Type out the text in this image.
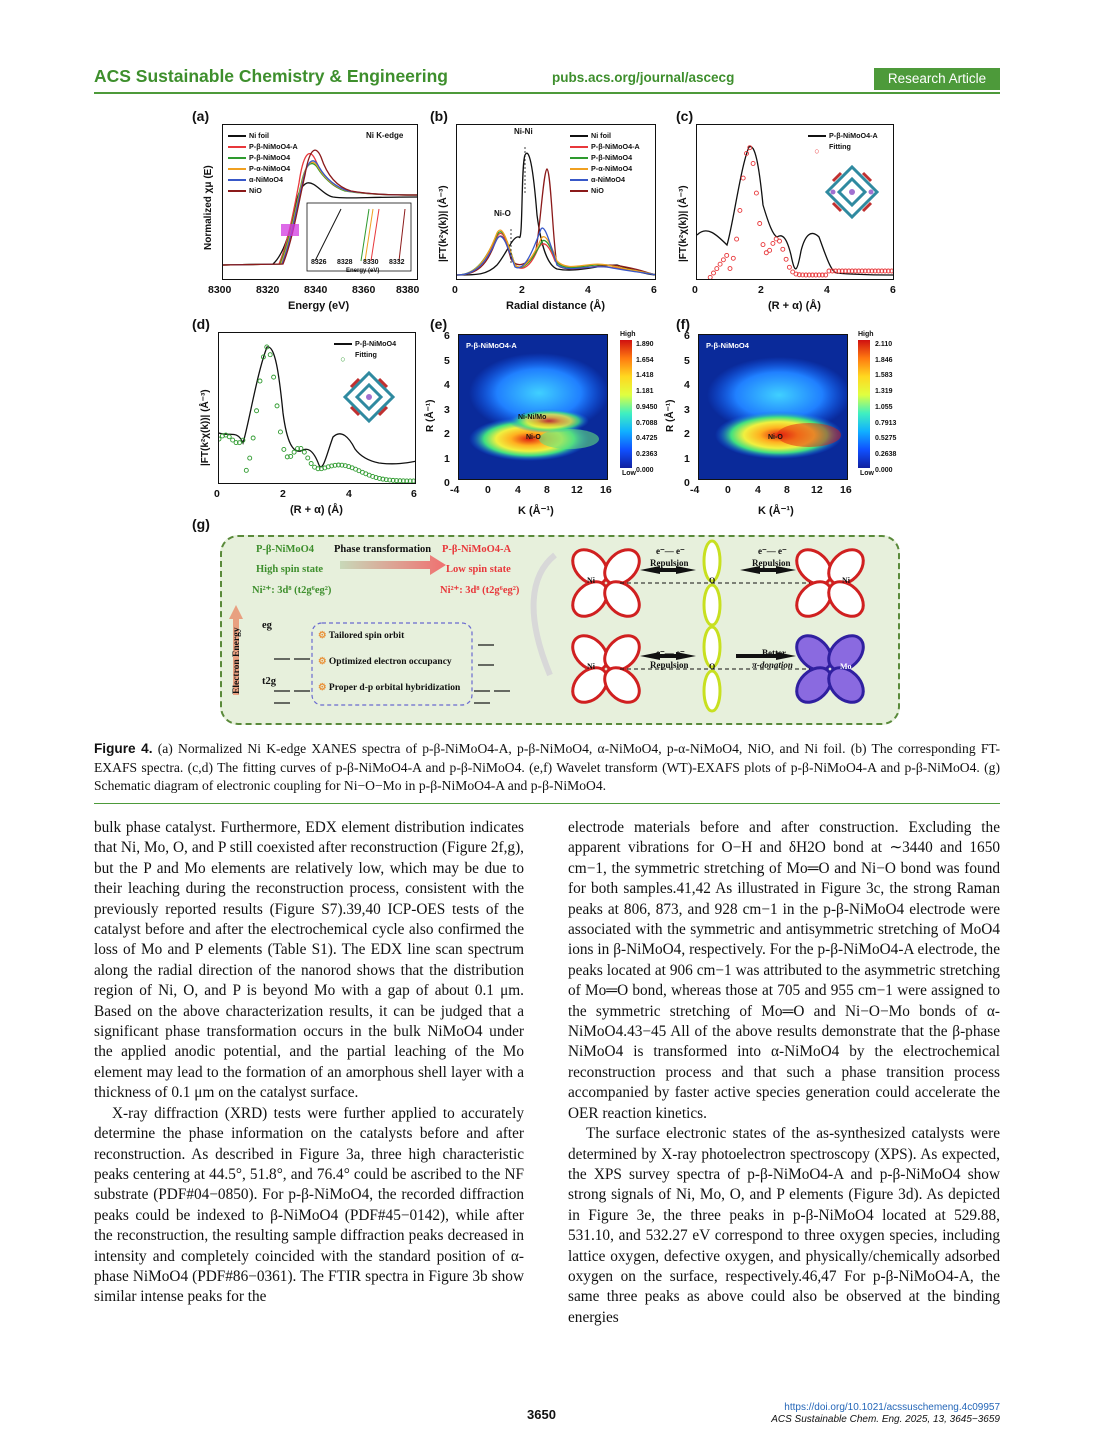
ACS Sustainable Chemistry & Engineering	pubs.acs.org/journal/ascecg	Research Article
(a)
Ni foil
P-β-NiMoO4-A
P-β-NiMoO4
P-α-NiMoO4
α-NiMoO4
NiO
Ni K-edge
8326 8328 8330 8332
Energy (eV)
8300 8320 8340 8360 8380
Energy (eV)
Normalized χμ (E)
(b)
Ni-Ni
Ni-O
Ni foil
P-β-NiMoO4-A
P-β-NiMoO4
P-α-NiMoO4
α-NiMoO4
NiO
0	2	4	6
Radial distance (Å)
|FT(k²χ(k))| (Å⁻³)
(c)
P-β-NiMoO4-A
○	Fitting
0	2	4	6
(R + α) (Å)
|FT(k²χ(k))| (Å⁻³)
(d)
P-β-NiMoO4
○	Fitting
0	2	4	6
(R + α) (Å)
|FT(k²χ(k))| (Å⁻³)
(e)
P-β-NiMoO4-A
Ni-Ni/Mo
Ni-O
High
Low
1.890
1.654
1.418
1.181
0.9450
0.7088
0.4725
0.2363
0.000
6
5
4
3
2
1
0
-4 0 4 8 12 16
K (Å⁻¹)
R (Å⁻¹)
(f)
P-β-NiMoO4
Ni-O
High
Low
2.110
1.846
1.583
1.319
1.055
0.7913
0.5275
0.2638
0.000
6
5
4
3
2
1
0
-4 0 4 8 12 16
K (Å⁻¹)
R (Å⁻¹)
(g)
P-β-NiMoO4 Phase transformation P-β-NiMoO4-A
High spin state	Low spin state
Ni²⁺: 3d⁸ (t2g⁶eg²)	Ni²⁺: 3d⁸ (t2g⁶eg²)
Electron Energy
eg
t2g
⚙ Tailored spin orbit
⚙ Optimized electron occupancy
⚙ Proper d-p orbital hybridization
e⁻— e⁻
Repulsion
e⁻— e⁻
Repulsion
e⁻— e⁻
Repulsion
Better
π-donation
Ni	O	Ni
Ni	O	Mo
Figure 4. (a) Normalized Ni K-edge XANES spectra of p-β-NiMoO4-A, p-β-NiMoO4, α-NiMoO4, p-α-NiMoO4, NiO, and Ni foil. (b) The corresponding FT-EXAFS spectra. (c,d) The fitting curves of p-β-NiMoO4-A and p-β-NiMoO4. (e,f) Wavelet transform (WT)-EXAFS plots of p-β-NiMoO4-A and p-β-NiMoO4. (g) Schematic diagram of electronic coupling for Ni−O−Mo in p-β-NiMoO4-A and p-β-NiMoO4.

bulk phase catalyst. Furthermore, EDX element distribution indicates that Ni, Mo, O, and P still coexisted after reconstruction (Figure 2f,g), but the P and Mo elements are relatively low, which may be due to their leaching during the reconstruction process, consistent with the previously reported results (Figure S7).39,40 ICP-OES tests of the catalyst before and after the electrochemical cycle also confirmed the loss of Mo and P elements (Table S1). The EDX line scan spectrum along the radial direction of the nanorod shows that the distribution region of Ni, O, and P is beyond Mo with a gap of about 0.1 μm. Based on the above characterization results, it can be judged that a significant phase transformation occurs in the bulk NiMoO4 under the applied anodic potential, and the partial leaching of the Mo element may lead to the formation of an amorphous shell layer with a thickness of 0.1 μm on the catalyst surface.

X-ray diffraction (XRD) tests were further applied to accurately determine the phase information on the catalysts before and after reconstruction. As described in Figure 3a, three high characteristic peaks centering at 44.5°, 51.8°, and 76.4° could be ascribed to the NF substrate (PDF#04−0850). For p-β-NiMoO4, the recorded diffraction peaks could be indexed to β-NiMoO4 (PDF#45−0142), while after the reconstruction, the resulting sample diffraction peaks decreased in intensity and completely coincided with the standard position of α-phase NiMoO4 (PDF#86−0361). The FTIR spectra in Figure 3b show similar intense peaks for the

electrode materials before and after construction. Excluding the apparent vibrations for O−H and δH2O bond at ∼3440 and 1650 cm−1, the symmetric stretching of Mo═O and Ni−O bond was found for both samples.41,42 As illustrated in Figure 3c, the strong Raman peaks at 806, 873, and 928 cm−1 in the p-β-NiMoO4 electrode were associated with the symmetric and antisymmetric stretching of MoO4 ions in β-NiMoO4, respectively. For the p-β-NiMoO4-A electrode, the peaks located at 906 cm−1 was attributed to the asymmetric stretching of Mo═O bond, whereas those at 705 and 955 cm−1 were assigned to the symmetric stretching of Mo═O and Ni−O−Mo bonds of α-NiMoO4.43−45 All of the above results demonstrate that the β-phase NiMoO4 is transformed into α-NiMoO4 by the electrochemical reconstruction process and that such a phase transition process accompanied by faster active species generation could accelerate the OER reaction kinetics.

The surface electronic states of the as-synthesized catalysts were determined by X-ray photoelectron spectroscopy (XPS). As expected, the XPS survey spectra of p-β-NiMoO4-A and p-β-NiMoO4 show strong signals of Ni, Mo, O, and P elements (Figure 3d). As depicted in Figure 3e, the three peaks in p-β-NiMoO4 located at 529.88, 531.10, and 532.27 eV correspond to three oxygen species, including lattice oxygen, defective oxygen, and physically/chemically adsorbed oxygen on the surface, respectively.46,47 For p-β-NiMoO4-A, the same three peaks as above could also be observed at the binding energies

3650	https://doi.org/10.1021/acssuschemeng.4c09957
ACS Sustainable Chem. Eng. 2025, 13, 3645−3659
